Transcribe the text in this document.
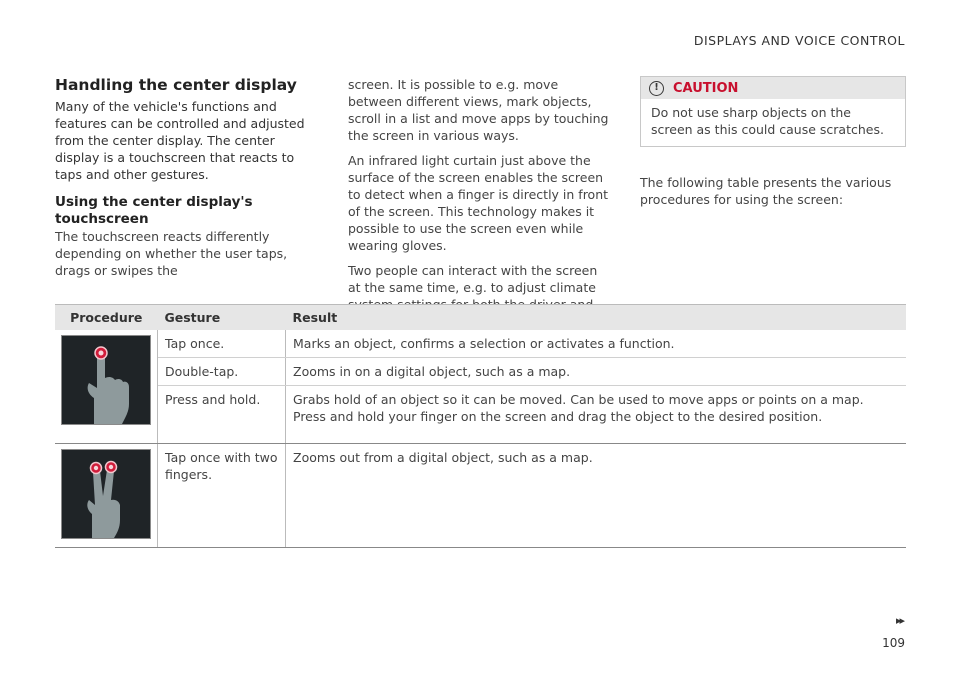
DISPLAYS AND VOICE CONTROL
Handling the center display
Many of the vehicle's functions and features can be controlled and adjusted from the center display. The center display is a touchscreen that reacts to taps and other gestures.
Using the center display's touchscreen
The touchscreen reacts differently depending on whether the user taps, drags or swipes the
screen. It is possible to e.g. move between different views, mark objects, scroll in a list and move apps by touching the screen in various ways.
An infrared light curtain just above the surface of the screen enables the screen to detect when a finger is directly in front of the screen. This technology makes it possible to use the screen even while wearing gloves.
Two people can interact with the screen at the same time, e.g. to adjust climate
!	CAUTION
Do not use sharp objects on the screen as this could cause scratches.
The following table presents the various procedures for using the screen:
Procedure	Gesture	Result

	Tap once.	Marks an object, confirms a selection or activates a function.
	Double-tap.	Zooms in on a digital object, such as a map.
	Press and hold.	Grabs hold of an object so it can be moved. Can be used to move apps or points on a map. Press and hold your finger on the screen and drag the object to the desired position.

	Tap once with two fingers.	Zooms out from a digital object, such as a map.
▸▸
109
